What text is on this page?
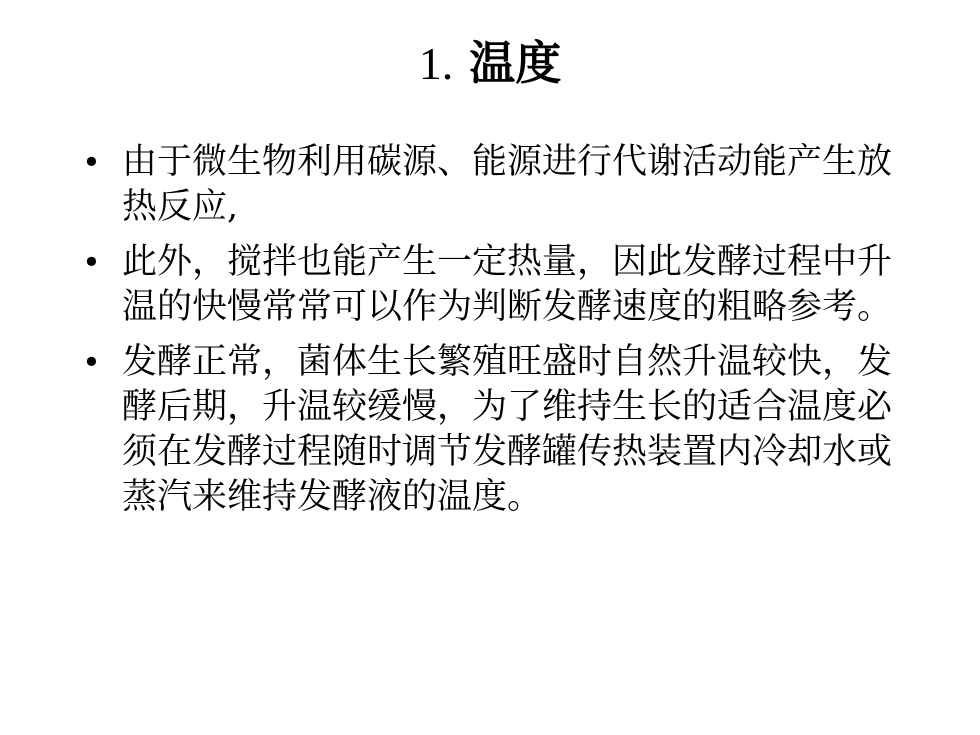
1. 温度
• 由于微生物利用碳源、能源进行代谢活动能产生放热反应,
• 此外，搅拌也能产生一定热量，因此发酵过程中升温的快慢常常可以作为判断发酵速度的粗略参考。
• 发酵正常，菌体生长繁殖旺盛时自然升温较快，发酵后期，升温较缓慢，为了维持生长的适合温度必须在发酵过程随时调节发酵罐传热装置内冷却水或蒸汽来维持发酵液的温度。
